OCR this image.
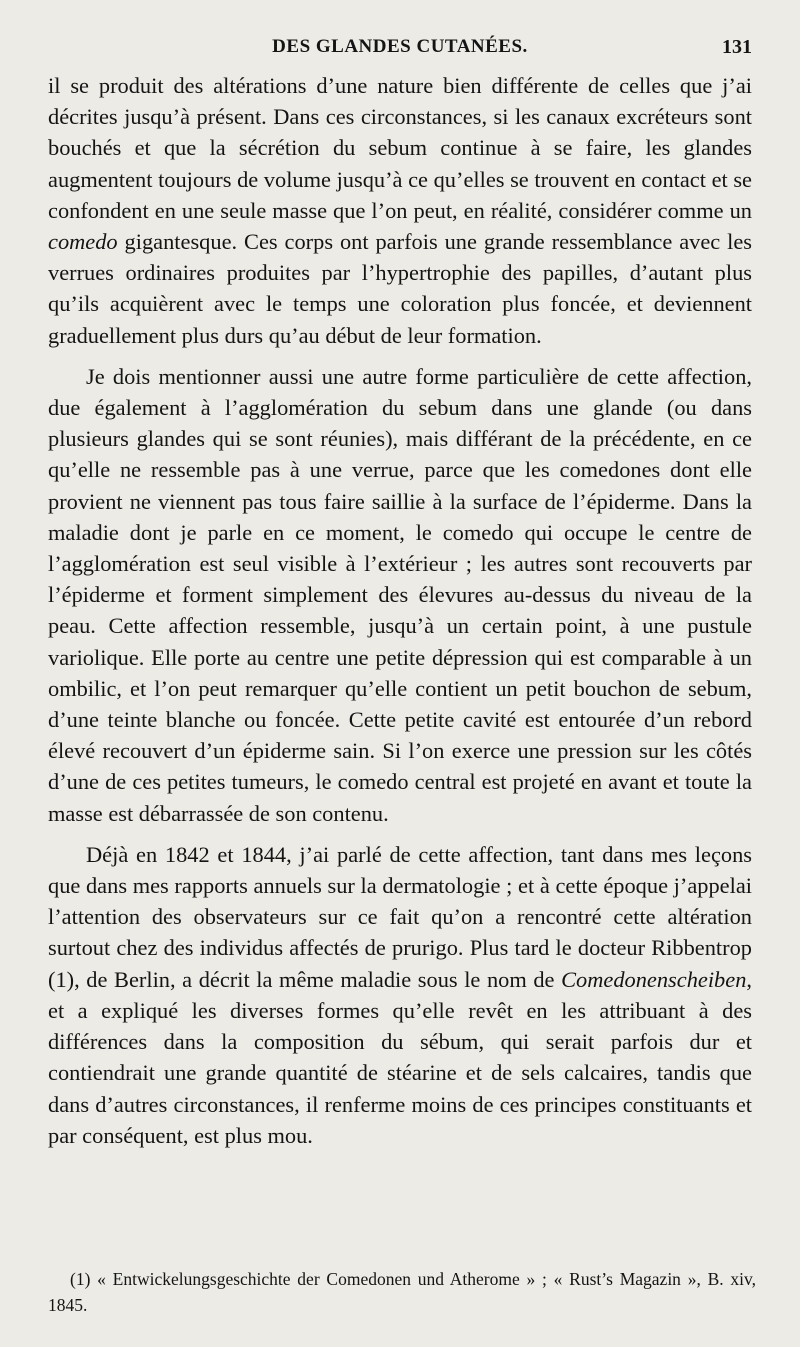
DES GLANDES CUTANÉES.	131

il se produit des altérations d’une nature bien différente de celles que j’ai décrites jusqu’à présent. Dans ces circonstances, si les canaux excréteurs sont bouchés et que la sécrétion du sebum continue à se faire, les glandes augmentent toujours de volume jusqu’à ce qu’elles se trouvent en contact et se confondent en une seule masse que l’on peut, en réalité, considérer comme un comedo gigantesque. Ces corps ont parfois une grande ressemblance avec les verrues ordinaires produites par l’hypertrophie des papilles, d’autant plus qu’ils acquièrent avec le temps une coloration plus foncée, et deviennent graduellement plus durs qu’au début de leur formation.

Je dois mentionner aussi une autre forme particulière de cette affection, due également à l’agglomération du sebum dans une glande (ou dans plusieurs glandes qui se sont réunies), mais différant de la précédente, en ce qu’elle ne ressemble pas à une verrue, parce que les comedones dont elle provient ne viennent pas tous faire saillie à la surface de l’épiderme. Dans la maladie dont je parle en ce moment, le comedo qui occupe le centre de l’agglomération est seul visible à l’extérieur ; les autres sont recouverts par l’épiderme et forment simplement des élevures au-dessus du niveau de la peau. Cette affection ressemble, jusqu’à un certain point, à une pustule variolique. Elle porte au centre une petite dépression qui est comparable à un ombilic, et l’on peut remarquer qu’elle contient un petit bouchon de sebum, d’une teinte blanche ou foncée. Cette petite cavité est entourée d’un rebord élevé recouvert d’un épiderme sain. Si l’on exerce une pression sur les côtés d’une de ces petites tumeurs, le comedo central est projeté en avant et toute la masse est débarrassée de son contenu.

Déjà en 1842 et 1844, j’ai parlé de cette affection, tant dans mes leçons que dans mes rapports annuels sur la dermatologie ; et à cette époque j’appelai l’attention des observateurs sur ce fait qu’on a rencontré cette altération surtout chez des individus affectés de prurigo. Plus tard le docteur Ribbentrop (1), de Berlin, a décrit la même maladie sous le nom de Comedonenscheiben, et a expliqué les diverses formes qu’elle revêt en les attribuant à des différences dans la composition du sébum, qui serait parfois dur et contiendrait une grande quantité de stéarine et de sels calcaires, tandis que dans d’autres circonstances, il renferme moins de ces principes constituants et par conséquent, est plus mou.

(1) « Entwickelungsgeschichte der Comedonen und Atherome » ; « Rust’s Magazin », B. xiv, 1845.
